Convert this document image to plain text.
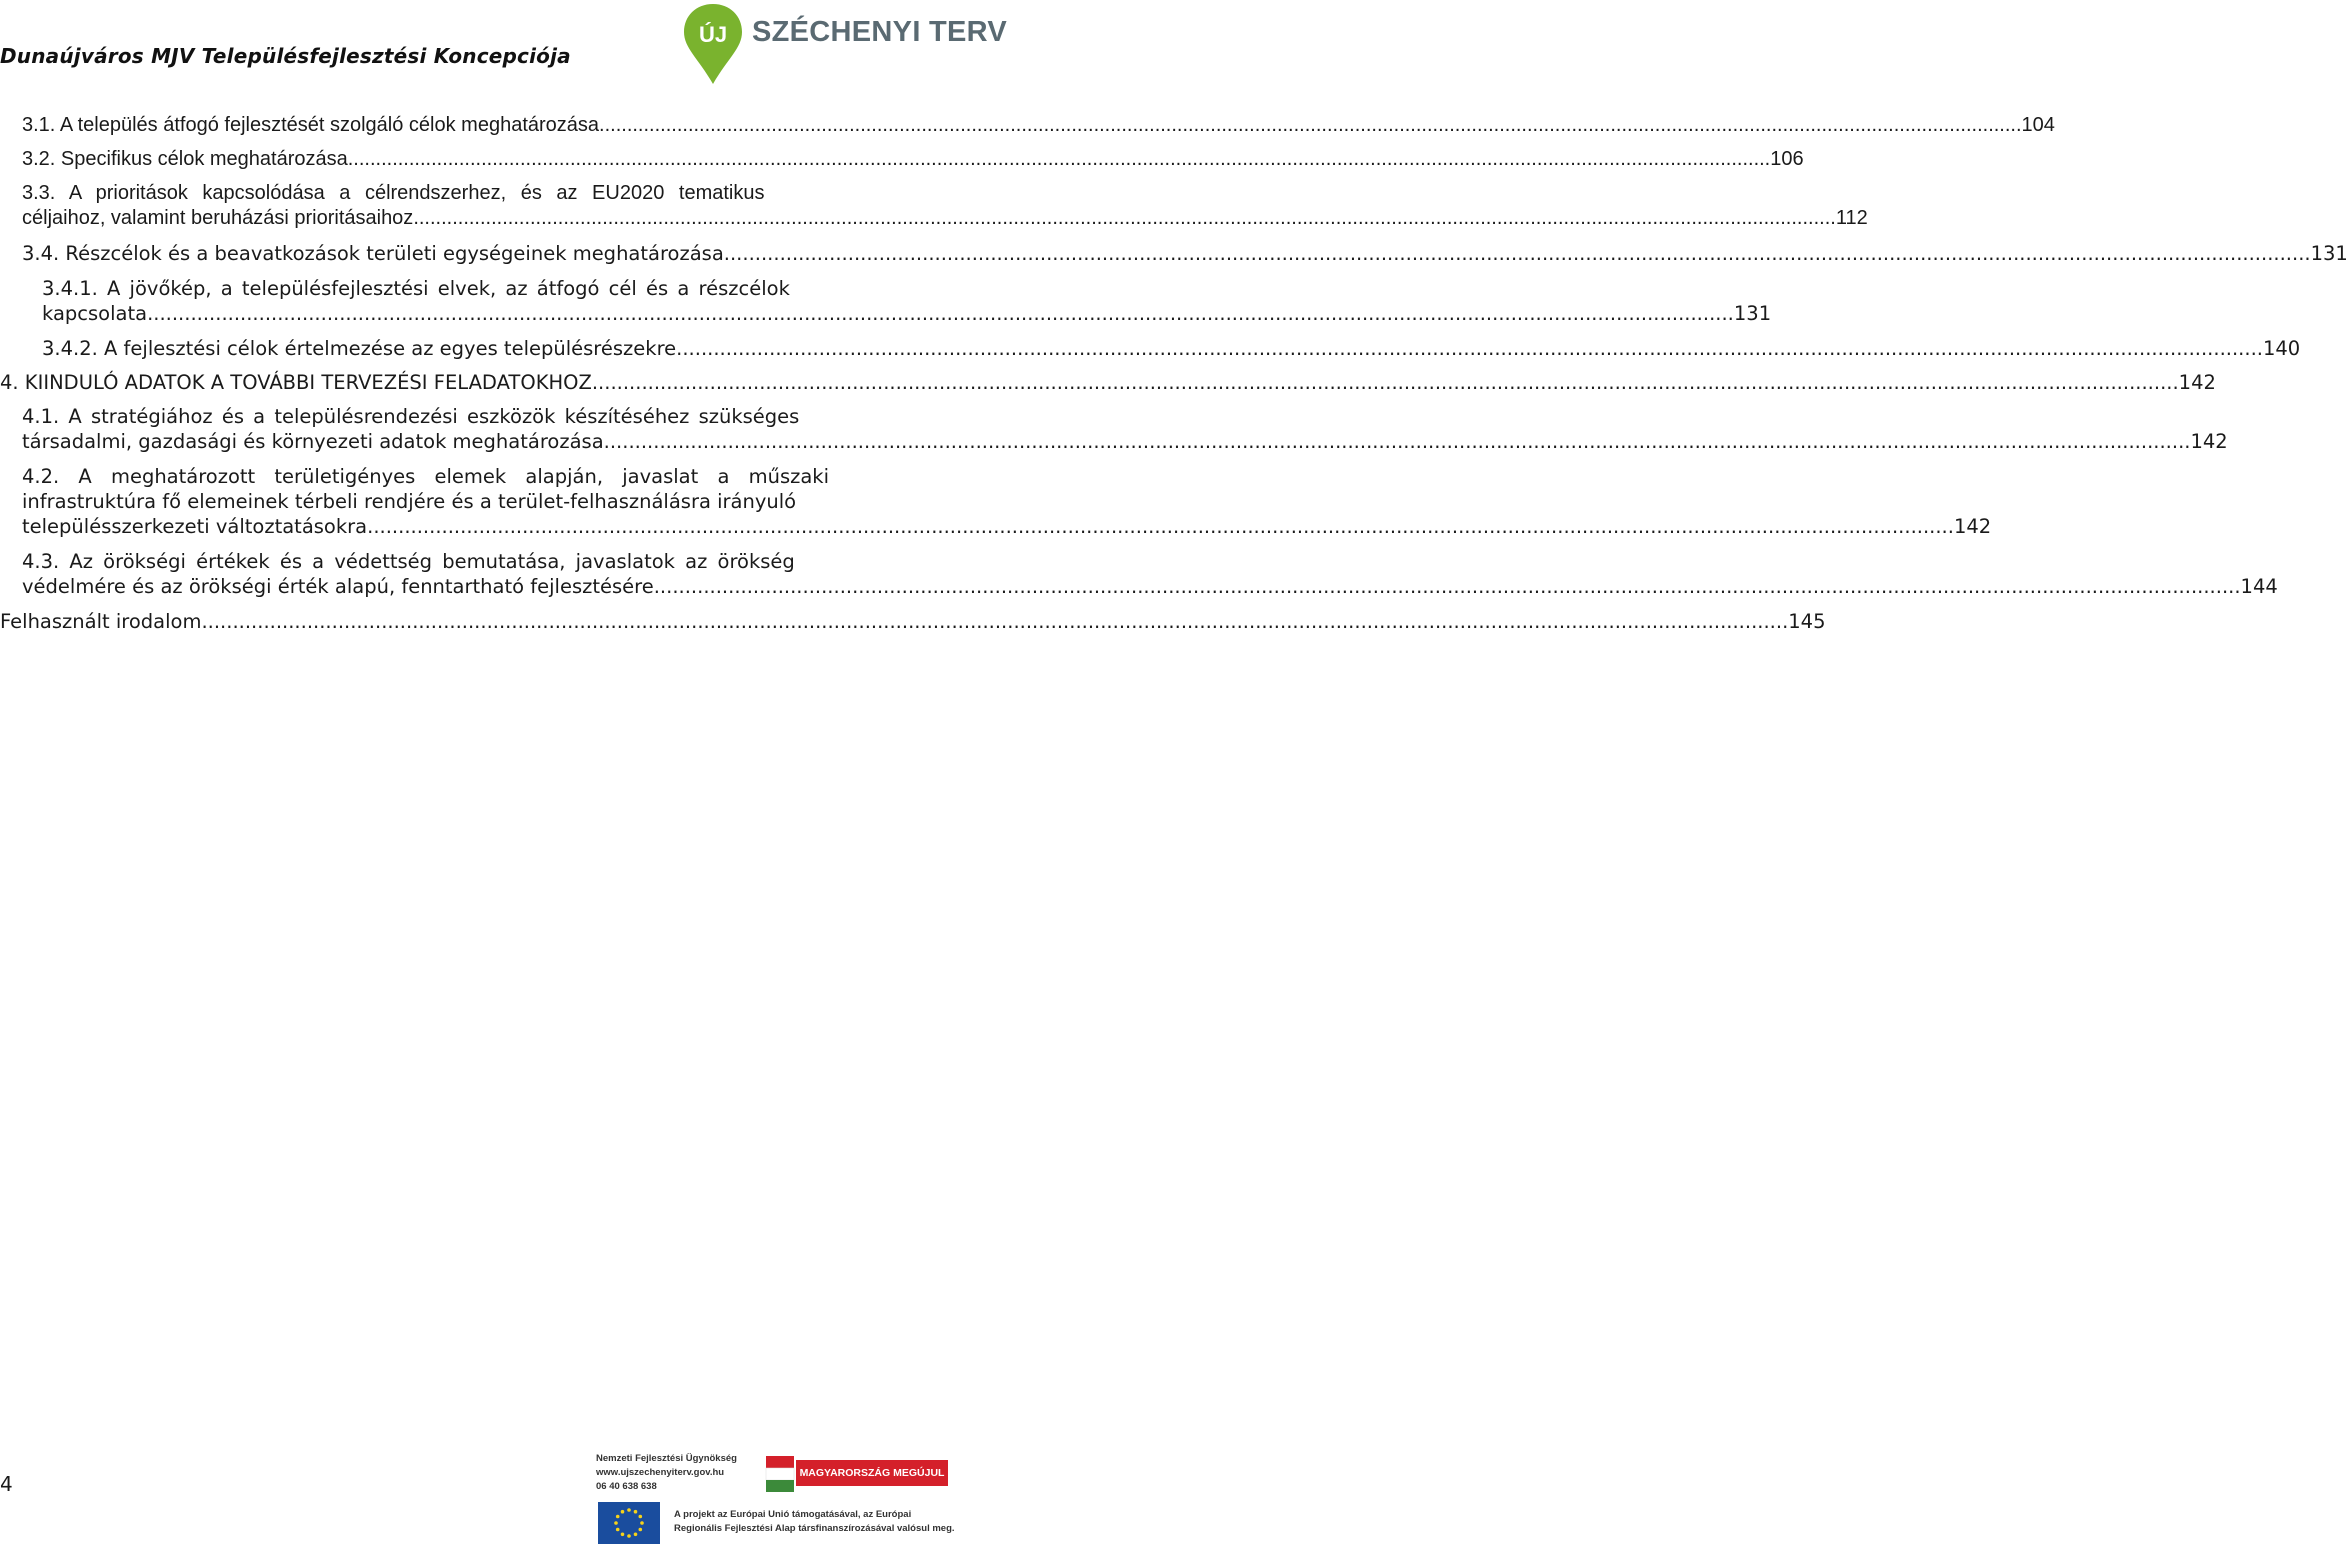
Dunaújváros MJV Településfejlesztési Koncepciója
ÚJ SZÉCHENYI TERV
3.1. A település átfogó fejlesztését szolgáló célok meghatározása .....	104
3.2. Specifikus célok meghatározása .....	106
3.3. A prioritások kapcsolódása a célrendszerhez, és az EU2020 tematikus
céljaihoz, valamint beruházási prioritásaihoz .....	112
3.4. Részcélok és a beavatkozások területi egységeinek meghatározása .....	131
3.4.1. A jövőkép, a településfejlesztési elvek, az átfogó cél és a részcélok
kapcsolata .....	131
3.4.2. A fejlesztési célok értelmezése az egyes településrészekre .....	140
4. KIINDULÓ ADATOK A TOVÁBBI TERVEZÉSI FELADATOKHOZ .....	142
4.1. A stratégiához és a településrendezési eszközök készítéséhez szükséges
társadalmi, gazdasági és környezeti adatok meghatározása .....	142
4.2. A meghatározott területigényes elemek alapján, javaslat a műszaki
infrastruktúra fő elemeinek térbeli rendjére és a terület-felhasználásra irányuló
településszerkezeti változtatásokra .....	142
4.3. Az örökségi értékek és a védettség bemutatása, javaslatok az örökség
védelmére és az örökségi érték alapú, fenntartható fejlesztésére .....	144
Felhasznált irodalom .....	145
4
Nemzeti Fejlesztési Ügynökség
www.ujszechenyiterv.gov.hu
06 40 638 638
MAGYARORSZÁG MEGÚJUL
A projekt az Európai Unió támogatásával, az Európai
Regionális Fejlesztési Alap társfinanszírozásával valósul meg.
